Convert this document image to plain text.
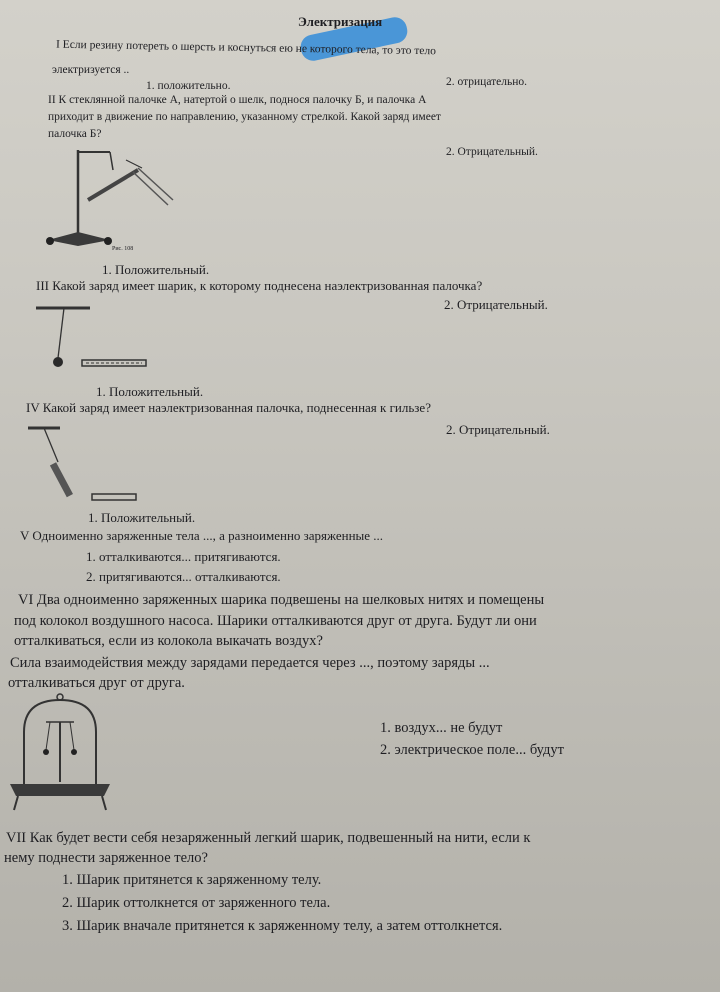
Электризация
I Если резину потереть о шерсть и коснуться ею не которого тела, то это тело
электризуется ..
1. положительно.	2. отрицательно.
II К стеклянной палочке А, натертой о шелк, поднося палочку Б, и палочка А
приходит в движение по направлению, указанному стрелкой. Какой заряд имеет
палочка Б?
2. Отрицательный.
Рис. 108
1. Положительный.
III Какой заряд имеет шарик, к которому поднесена наэлектризованная палочка?
2. Отрицательный.
1. Положительный.
IV Какой заряд имеет наэлектризованная палочка, поднесенная к гильзе?
2. Отрицательный.
1. Положительный.
V Одноименно заряженные тела ..., а разноименно заряженные ...
1. отталкиваются... притягиваются.
2. притягиваются... отталкиваются.
VI Два одноименно заряженных шарика подвешены на шелковых нитях и помещены
под колокол воздушного насоса. Шарики отталкиваются друг от друга. Будут ли они
отталкиваться, если из колокола выкачать воздух?
Сила взаимодействия между зарядами передается через ..., поэтому заряды ...
отталкиваться друг от друга.
1. воздух... не будут
2. электрическое поле... будут
VII Как будет вести себя незаряженный легкий шарик, подвешенный на нити, если к
нему поднести заряженное тело?
1. Шарик притянется к заряженному телу.
2. Шарик оттолкнется от заряженного тела.
3. Шарик вначале притянется к заряженному телу, а затем оттолкнется.
